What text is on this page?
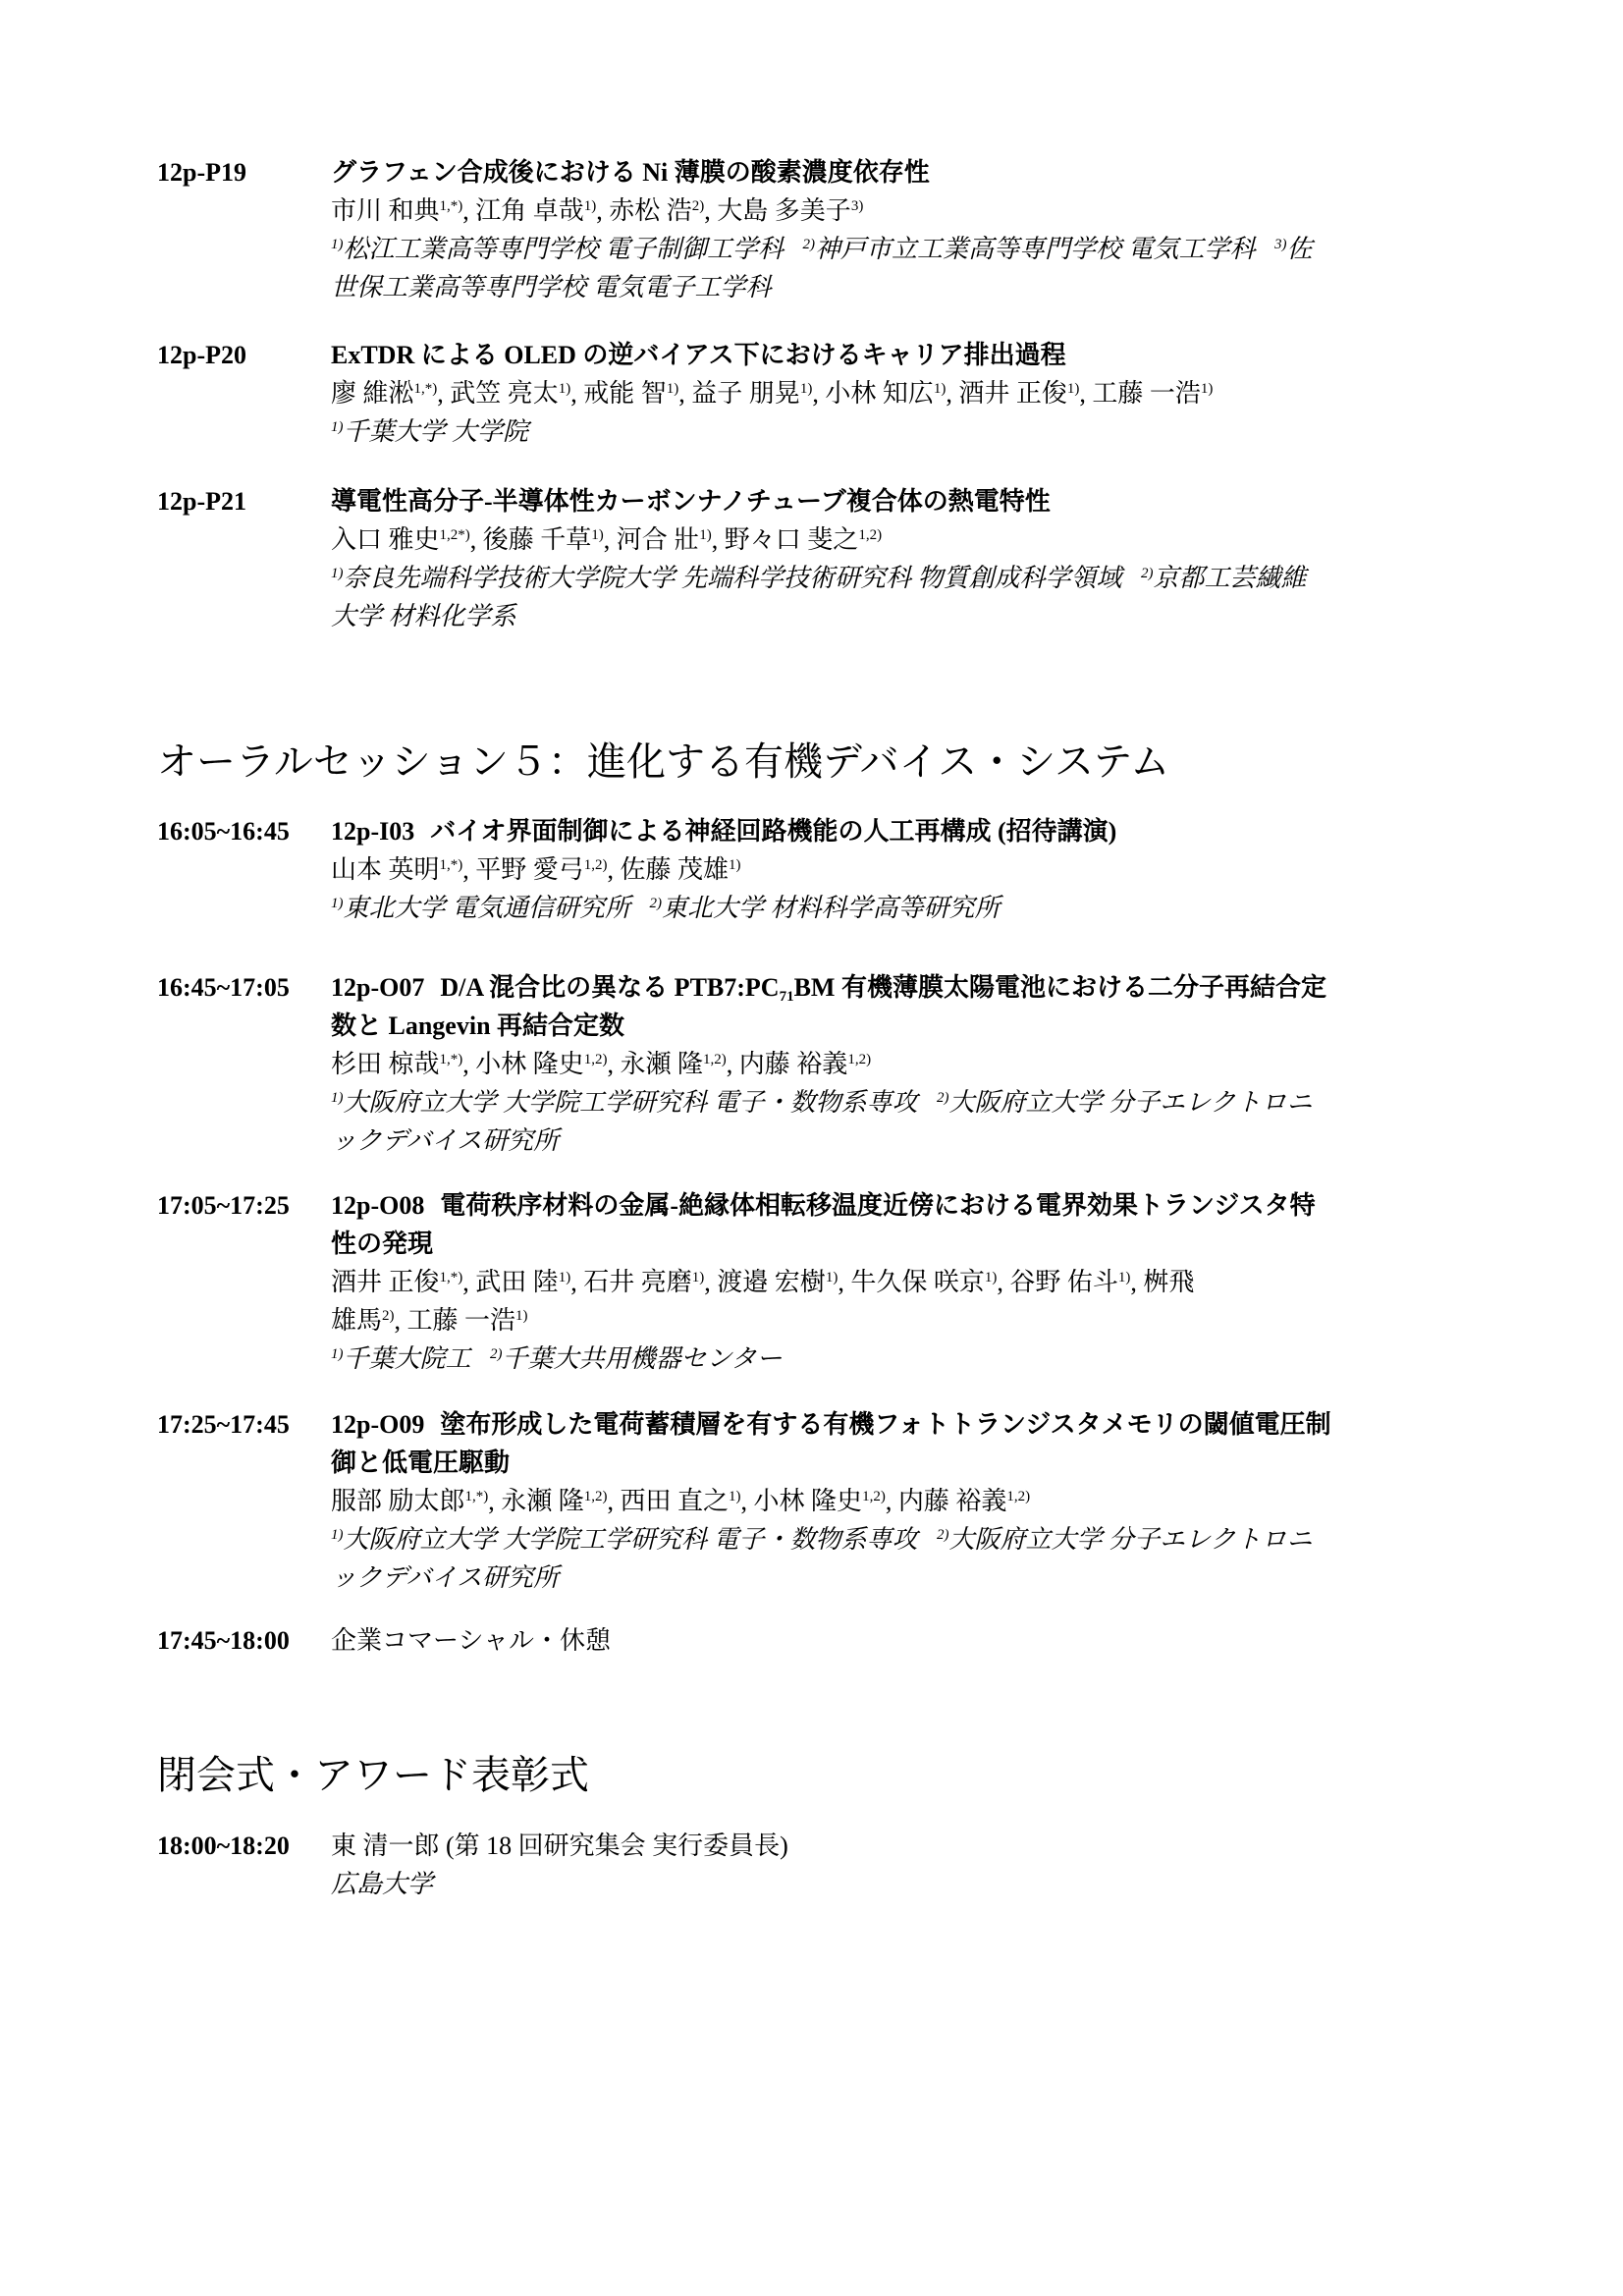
12p-P19	グラフェン合成後における Ni 薄膜の酸素濃度依存性
市川 和典$^{1,*)}$, 江角 卓哉$^{1)}$, 赤松 浩$^{2)}$, 大島 多美子$^{3)}$
$^{1)}$松江工業高等専門学校 電子制御工学科 $^{2)}$神戸市立工業高等専門学校 電気工学科 $^{3)}$佐
世保工業高等専門学校 電気電子工学科
12p-P20	ExTDR による OLED の逆バイアス下におけるキャリア排出過程
廖 維淞$^{1,*)}$, 武笠 亮太$^{1)}$, 戒能 智$^{1)}$, 益子 朋晃$^{1)}$, 小林 知広$^{1)}$, 酒井 正俊$^{1)}$, 工藤 一浩$^{1)}$
$^{1)}$千葉大学 大学院
12p-P21	導電性高分子-半導体性カーボンナノチューブ複合体の熱電特性
入口 雅史$^{1,2*)}$, 後藤 千草$^{1)}$, 河合 壯$^{1)}$, 野々口 斐之$^{1,2)}$
$^{1)}$奈良先端科学技術大学院大学 先端科学技術研究科 物質創成科学領域 $^{2)}$京都工芸繊維
大学 材料化学系
オーラルセッション５：進化する有機デバイス・システム
16:05~16:45 12p-I03 バイオ界面制御による神経回路機能の人工再構成 (招待講演)
山本 英明$^{1,*)}$, 平野 愛弓$^{1,2)}$, 佐藤 茂雄$^{1)}$
$^{1)}$東北大学 電気通信研究所 $^{2)}$東北大学 材料科学高等研究所
16:45~17:05 12p-O07 D/A 混合比の異なる $PTB7:PC_{71}BM$ 有機薄膜太陽電池における二分子再結合定
数と Langevin 再結合定数
杉田 椋哉$^{1,*)}$, 小林 隆史$^{1,2)}$, 永瀬 隆$^{1,2)}$, 内藤 裕義$^{1,2)}$
$^{1)}$大阪府立大学 大学院工学研究科 電子・数物系専攻 $^{2)}$大阪府立大学 分子エレクトロニ
ックデバイス研究所
17:05~17:25 12p-O08 電荷秩序材料の金属-絶縁体相転移温度近傍における電界効果トランジスタ特
性の発現
酒井 正俊$^{1,*)}$, 武田 陸$^{1)}$, 石井 亮磨$^{1)}$, 渡邉 宏樹$^{1)}$, 牛久保 咲京$^{1)}$, 谷野 佑斗$^{1)}$, 桝飛
雄馬$^{2)}$, 工藤 一浩$^{1)}$
$^{1)}$千葉大院工 $^{2)}$千葉大共用機器センター
17:25~17:45 12p-O09 塗布形成した電荷蓄積層を有する有機フォトトランジスタメモリの閾値電圧制
御と低電圧駆動
服部 励太郎$^{1,*)}$, 永瀬 隆$^{1,2)}$, 西田 直之$^{1)}$, 小林 隆史$^{1,2)}$, 内藤 裕義$^{1,2)}$
$^{1)}$大阪府立大学 大学院工学研究科 電子・数物系専攻 $^{2)}$大阪府立大学 分子エレクトロニ
ックデバイス研究所
17:45~18:00 企業コマーシャル・休憩
閉会式・アワード表彰式
18:00~18:20 東 清一郎 (第 18 回研究集会 実行委員長)
広島大学
